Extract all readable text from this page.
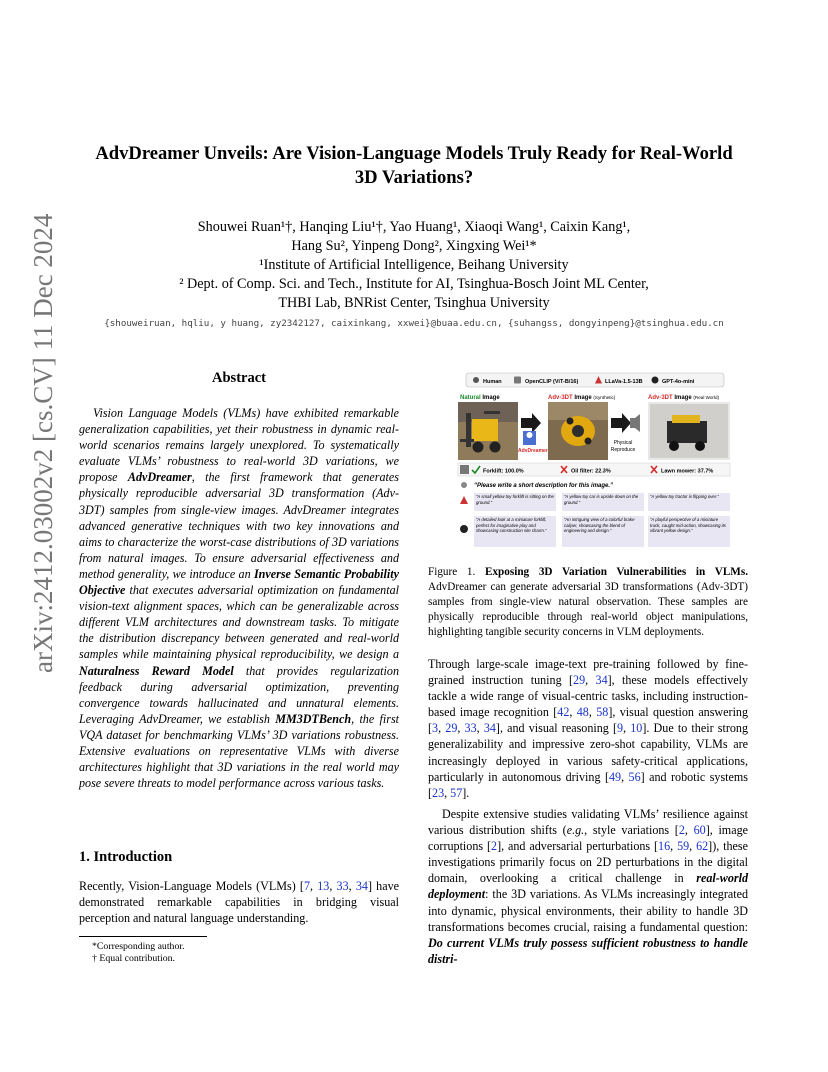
arXiv:2412.03002v2 [cs.CV] 11 Dec 2024
AdvDreamer Unveils: Are Vision-Language Models Truly Ready for Real-World
3D Variations?
Shouwei Ruan¹†, Hanqing Liu¹†, Yao Huang¹, Xiaoqi Wang¹, Caixin Kang¹,
Hang Su², Yinpeng Dong², Xingxing Wei¹*
¹Institute of Artificial Intelligence, Beihang University
² Dept. of Comp. Sci. and Tech., Institute for AI, Tsinghua-Bosch Joint ML Center,
THBI Lab, BNRist Center, Tsinghua University
{shouweiruan, hqliu, y huang, zy2342127, caixinkang, xxwei}@buaa.edu.cn, {suhangss, dongyinpeng}@tsinghua.edu.cn
Abstract

Vision Language Models (VLMs) have exhibited remarkable generalization capabilities, yet their robustness in dynamic real-world scenarios remains largely unexplored. To systematically evaluate VLMs’ robustness to real-world 3D variations, we propose AdvDreamer, the first framework that generates physically reproducible adversarial 3D transformation (Adv-3DT) samples from single-view images. AdvDreamer integrates advanced generative techniques with two key innovations and aims to characterize the worst-case distributions of 3D variations from natural images. To ensure adversarial effectiveness and method generality, we introduce an Inverse Semantic Probability Objective that executes adversarial optimization on fundamental vision-text alignment spaces, which can be generalizable across different VLM architectures and downstream tasks. To mitigate the distribution discrepancy between generated and real-world samples while maintaining physical reproducibility, we design a Naturalness Reward Model that provides regularization feedback during adversarial optimization, preventing convergence towards hallucinated and unnatural elements. Leveraging AdvDreamer, we establish MM3DTBench, the first VQA dataset for benchmarking VLMs’ 3D variations robustness. Extensive evaluations on representative VLMs with diverse architectures highlight that 3D variations in the real world may pose severe threats to model performance across various tasks.

1. Introduction

Recently, Vision-Language Models (VLMs) [7, 13, 33, 34] have demonstrated remarkable capabilities in bridging visual perception and natural language understanding.

*Corresponding author.
† Equal contribution.
Human	OpenCLIP (ViT-B/16)	LLaVa-1.5-13B	GPT-4o-mini
Natural Image	Adv-3DT Image (Synthetic)	Adv-3DT Image (Real World)
AdvDreamer
Physical
Reproduce
Forklift: 100.0%	Oil filter: 22.3%	Lawn mower: 37.7%
“Please write a short description for this image.”
“A small yellow toy forklift is sitting on the ground.”
“A yellow toy car is upside down on the ground.”
“A yellow toy tractor is flipping over.”
“A detailed look at a miniature forklift, perfect for imaginative play and showcasing construction site charm.”
“An intriguing view of a colorful brake caliper, showcasing the blend of engineering and design.”
“A playful perspective of a miniature truck, caught mid-action, showcasing its vibrant yellow design.”

Figure 1. Exposing 3D Variation Vulnerabilities in VLMs. AdvDreamer can generate adversarial 3D transformations (Adv-3DT) samples from single-view natural observation. These samples are physically reproducible through real-world object manipulations, highlighting tangible security concerns in VLM deployments.

Through large-scale image-text pre-training followed by fine-grained instruction tuning [29, 34], these models effectively tackle a wide range of visual-centric tasks, including instruction-based image recognition [42, 48, 58], visual question answering [3, 29, 33, 34], and visual reasoning [9, 10]. Due to their strong generalizability and impressive zero-shot capability, VLMs are increasingly deployed in various safety-critical applications, particularly in autonomous driving [49, 56] and robotic systems [23, 57].

Despite extensive studies validating VLMs’ resilience against various distribution shifts (e.g., style variations [2, 60], image corruptions [2], and adversarial perturbations [16, 59, 62]), these investigations primarily focus on 2D perturbations in the digital domain, overlooking a critical challenge in real-world deployment: the 3D variations. As VLMs increasingly integrated into dynamic, physical environments, their ability to handle 3D transformations becomes crucial, raising a fundamental question: Do current VLMs truly possess sufficient robustness to handle distri-
